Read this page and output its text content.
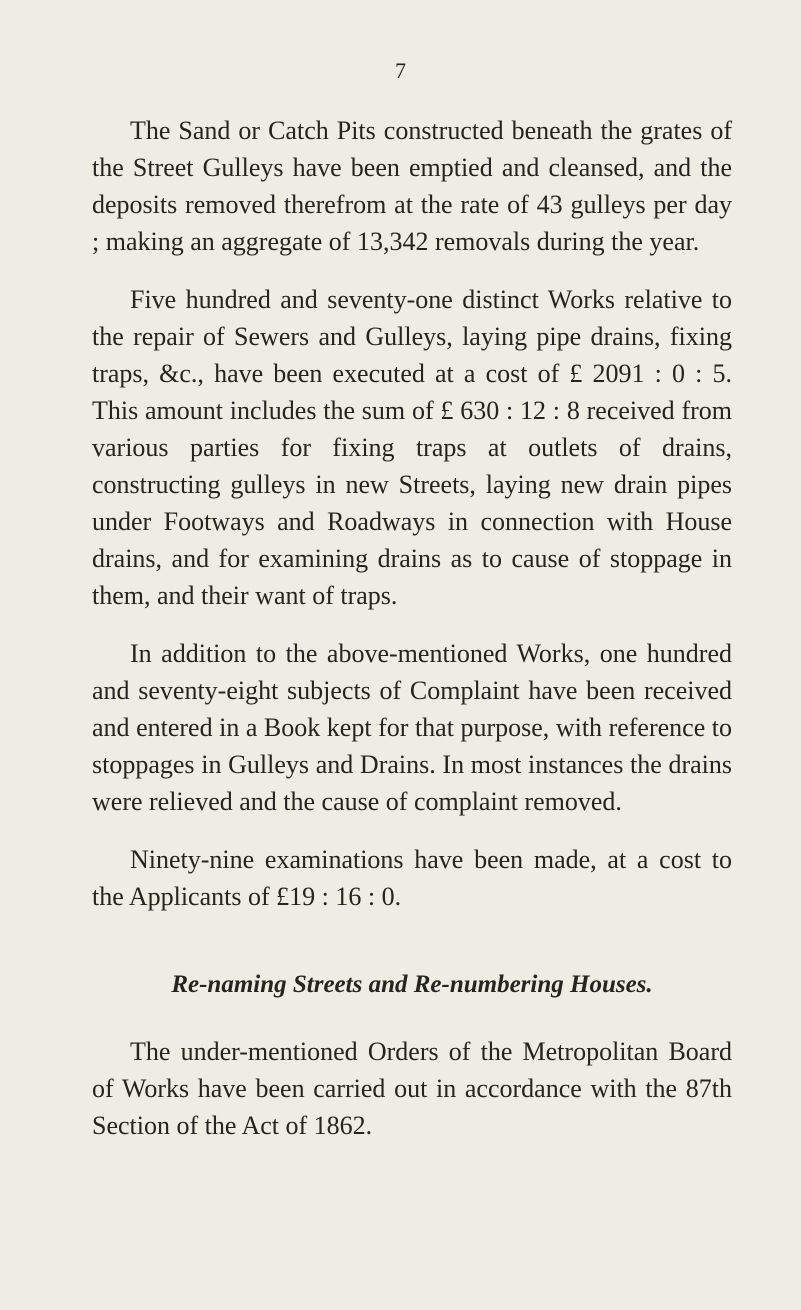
7

The Sand or Catch Pits constructed beneath the grates of the Street Gulleys have been emptied and cleansed, and the deposits removed therefrom at the rate of 43 gulleys per day ; making an aggregate of 13,342 removals during the year.

Five hundred and seventy-one distinct Works relative to the repair of Sewers and Gulleys, laying pipe drains, fixing traps, &c., have been executed at a cost of £ 2091 : 0 : 5. This amount includes the sum of £ 630 : 12 : 8 received from various parties for fixing traps at outlets of drains, constructing gulleys in new Streets, laying new drain pipes under Footways and Roadways in connection with House drains, and for examining drains as to cause of stoppage in them, and their want of traps.

In addition to the above-mentioned Works, one hundred and seventy-eight subjects of Complaint have been received and entered in a Book kept for that purpose, with reference to stoppages in Gulleys and Drains. In most instances the drains were relieved and the cause of complaint removed.

Ninety-nine examinations have been made, at a cost to the Applicants of £19 : 16 : 0.

Re-naming Streets and Re-numbering Houses.

The under-mentioned Orders of the Metropolitan Board of Works have been carried out in accordance with the 87th Section of the Act of 1862.
